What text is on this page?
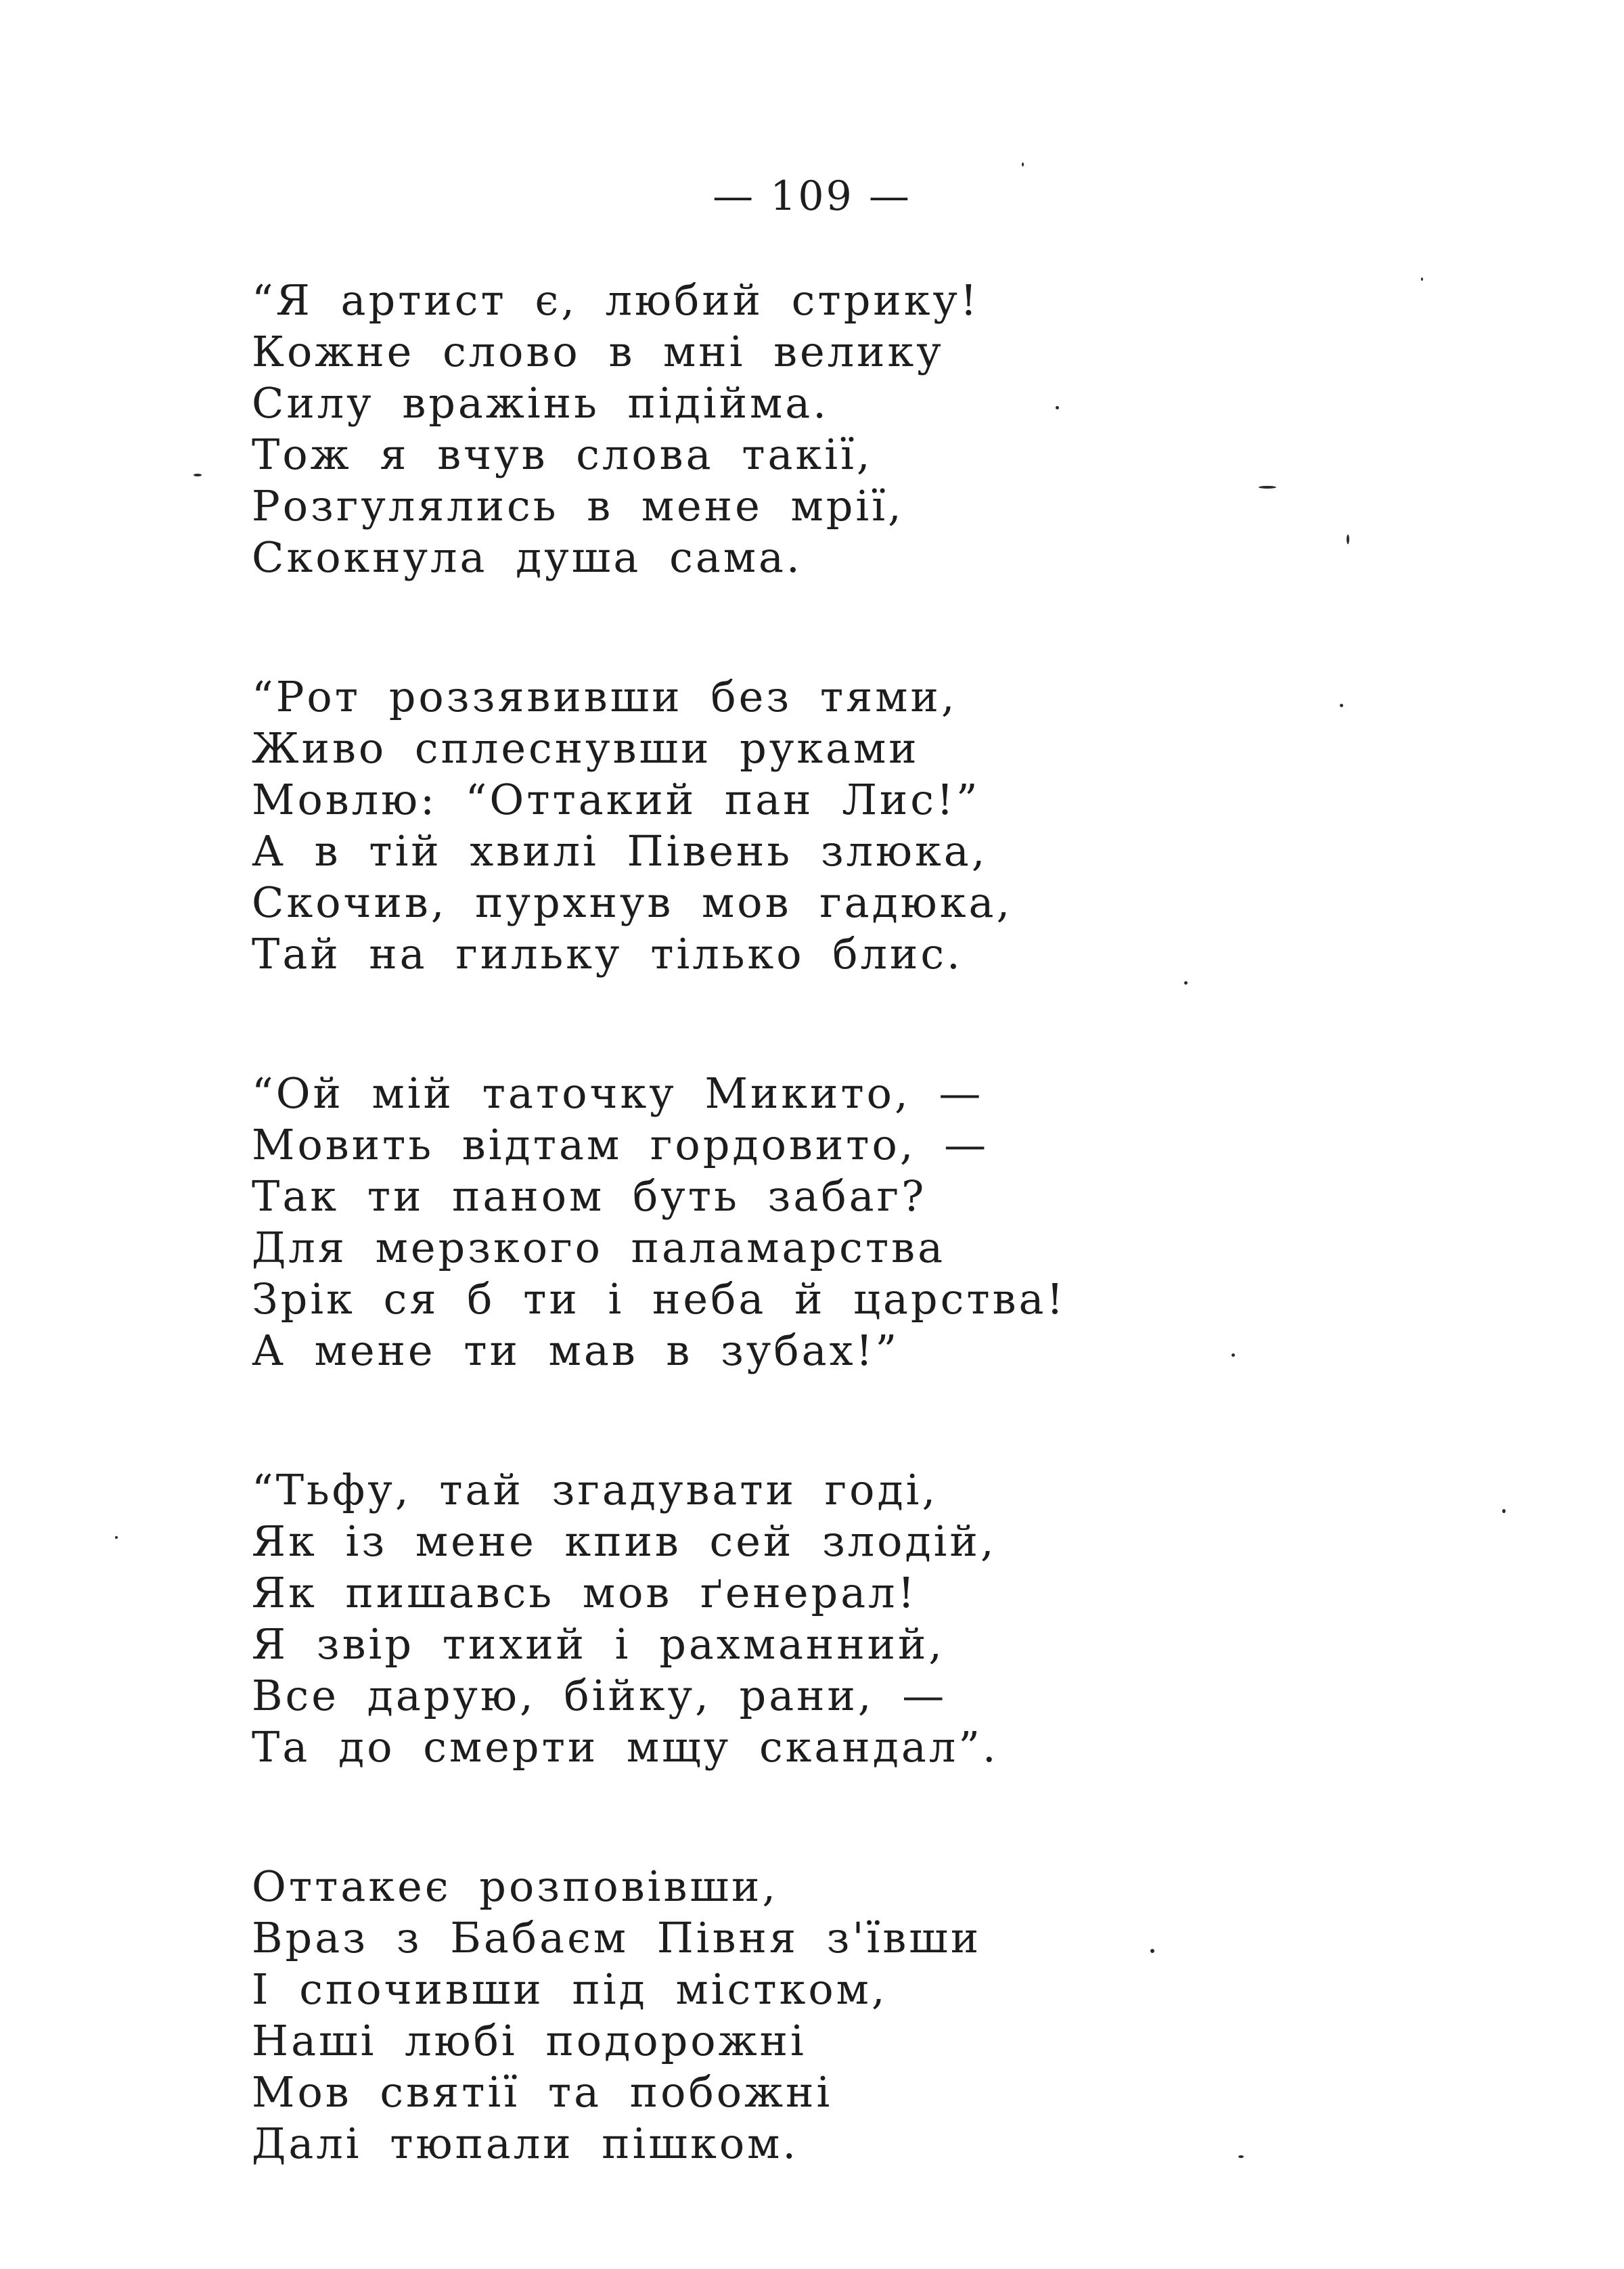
— 109 —
“Я артист є, любий стрику!
Кожне слово в мні велику
Силу вражінь підійма.
Тож я вчув слова такії,
Розгулялись в мене мрії,
Скокнула душа сама.
“Рот роззявивши без тями,
Живо сплеснувши руками
Мовлю: “Оттакий пан Лис!”
А в тій хвилі Півень злюка,
Скочив, пурхнув мов гадюка,
Тай на гильку тілько блис.
“Ой мій таточку Микито, —
Мовить відтам гордовито, —
Так ти паном буть забаг?
Для мерзкого паламарства
Зрік ся б ти і неба й царства!
А мене ти мав в зубах!”
“Тьфу, тай згадувати годі,
Як із мене кпив сей злодій,
Як пишавсь мов ґенерал!
Я звір тихий і рахманний,
Все дарую, бійку, рани, —
Та до смерти мщу скандал”.
Оттакеє розповівши,
Враз з Бабаєм Півня з'ївши
І спочивши під містком,
Наші любі подорожні
Мов святії та побожні
Далі тюпали пішком.
